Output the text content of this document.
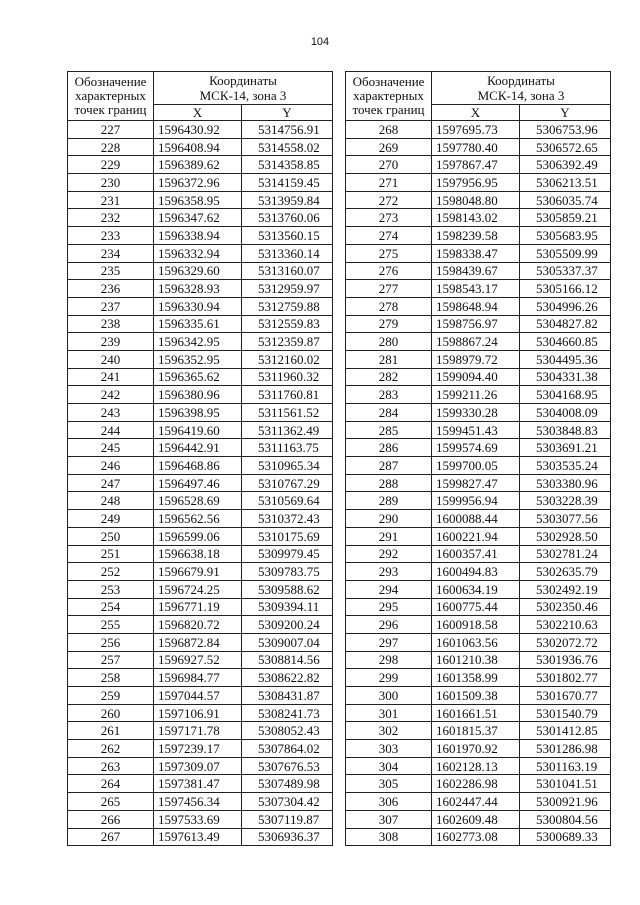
104
Обозначение
характерных
точек границ	Координаты
МСК-14, зона 3	
	X	Y
227	1596430.92	5314756.91
228	1596408.94	5314558.02
229	1596389.62	5314358.85
230	1596372.96	5314159.45
231	1596358.95	5313959.84
232	1596347.62	5313760.06
233	1596338.94	5313560.15
234	1596332.94	5313360.14
235	1596329.60	5313160.07
236	1596328.93	5312959.97
237	1596330.94	5312759.88
238	1596335.61	5312559.83
239	1596342.95	5312359.87
240	1596352.95	5312160.02
241	1596365.62	5311960.32
242	1596380.96	5311760.81
243	1596398.95	5311561.52
244	1596419.60	5311362.49
245	1596442.91	5311163.75
246	1596468.86	5310965.34
247	1596497.46	5310767.29
248	1596528.69	5310569.64
249	1596562.56	5310372.43
250	1596599.06	5310175.69
251	1596638.18	5309979.45
252	1596679.91	5309783.75
253	1596724.25	5309588.62
254	1596771.19	5309394.11
255	1596820.72	5309200.24
256	1596872.84	5309007.04
257	1596927.52	5308814.56
258	1596984.77	5308622.82
259	1597044.57	5308431.87
260	1597106.91	5308241.73
261	1597171.78	5308052.43
262	1597239.17	5307864.02
263	1597309.07	5307676.53
264	1597381.47	5307489.98
265	1597456.34	5307304.42
266	1597533.69	5307119.87
267	1597613.49	5306936.37
Обозначение
характерных
точек границ	Координаты
МСК-14, зона 3	
	X	Y
268	1597695.73	5306753.96
269	1597780.40	5306572.65
270	1597867.47	5306392.49
271	1597956.95	5306213.51
272	1598048.80	5306035.74
273	1598143.02	5305859.21
274	1598239.58	5305683.95
275	1598338.47	5305509.99
276	1598439.67	5305337.37
277	1598543.17	5305166.12
278	1598648.94	5304996.26
279	1598756.97	5304827.82
280	1598867.24	5304660.85
281	1598979.72	5304495.36
282	1599094.40	5304331.38
283	1599211.26	5304168.95
284	1599330.28	5304008.09
285	1599451.43	5303848.83
286	1599574.69	5303691.21
287	1599700.05	5303535.24
288	1599827.47	5303380.96
289	1599956.94	5303228.39
290	1600088.44	5303077.56
291	1600221.94	5302928.50
292	1600357.41	5302781.24
293	1600494.83	5302635.79
294	1600634.19	5302492.19
295	1600775.44	5302350.46
296	1600918.58	5302210.63
297	1601063.56	5302072.72
298	1601210.38	5301936.76
299	1601358.99	5301802.77
300	1601509.38	5301670.77
301	1601661.51	5301540.79
302	1601815.37	5301412.85
303	1601970.92	5301286.98
304	1602128.13	5301163.19
305	1602286.98	5301041.51
306	1602447.44	5300921.96
307	1602609.48	5300804.56
308	1602773.08	5300689.33
